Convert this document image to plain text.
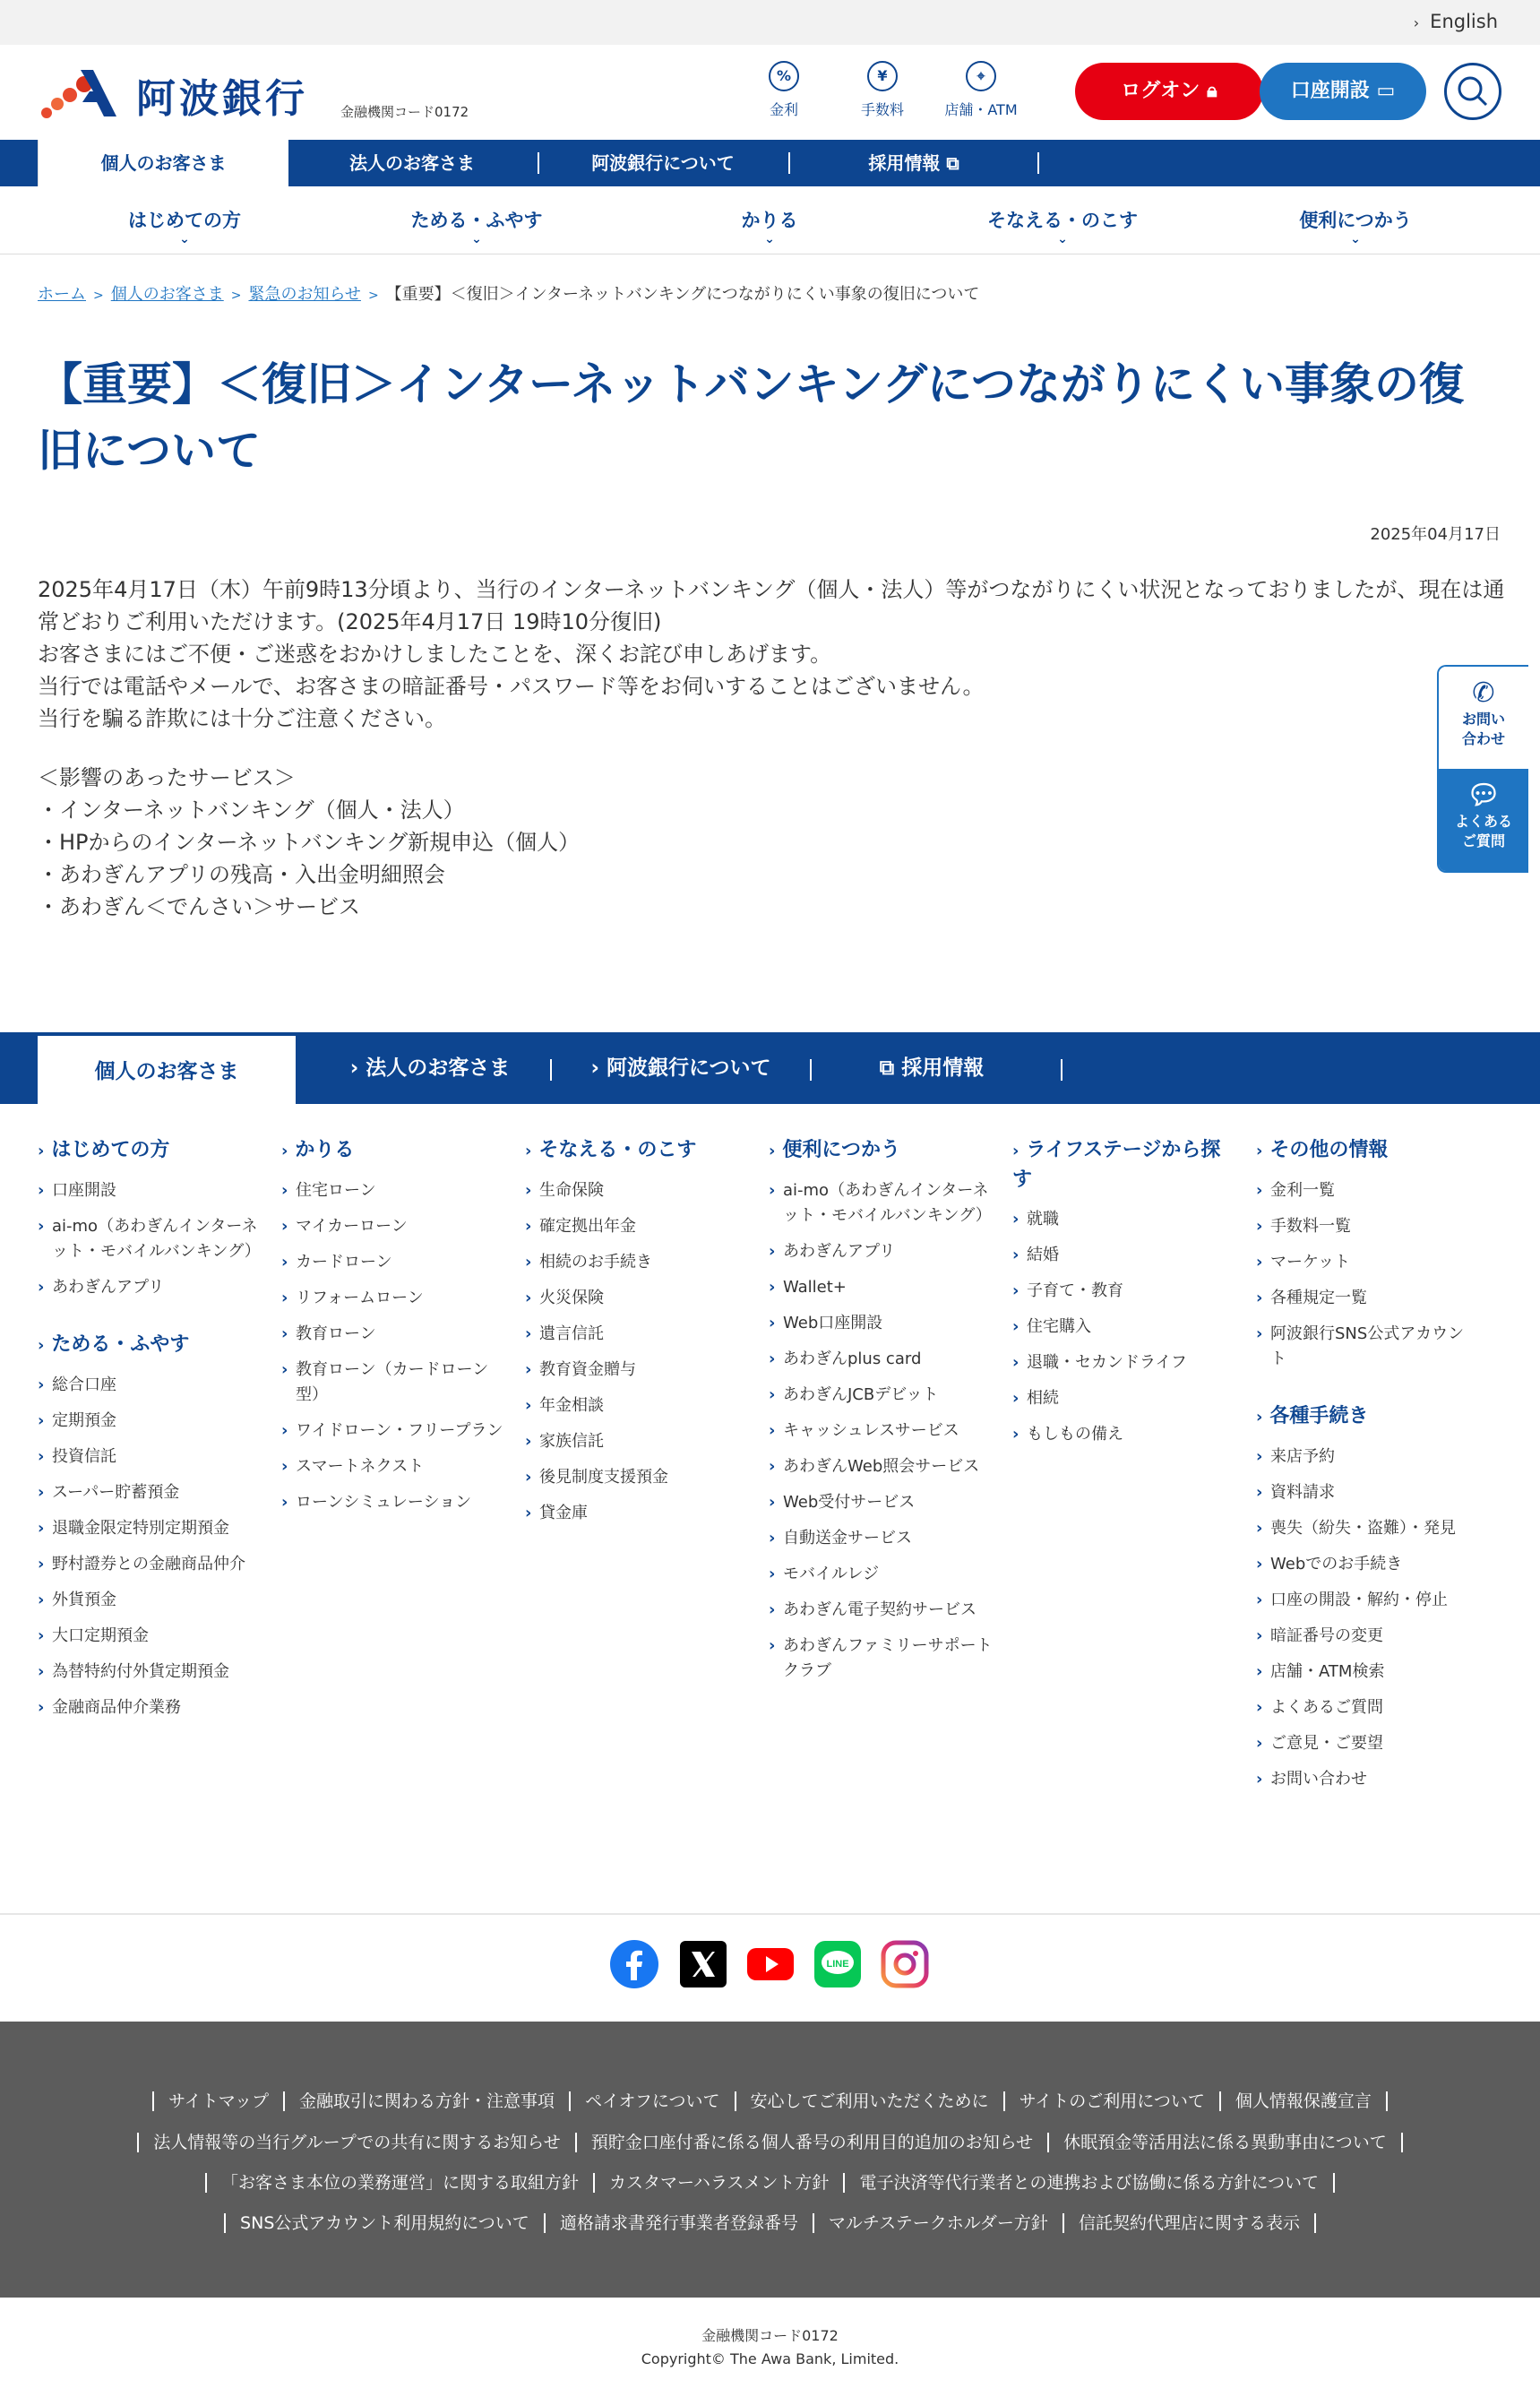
› English
阿波銀行 金融機関コード0172
%
金利
¥
手数料
⌖
店舗・ATM
ログオン 🔒︎	口座開設 ▭
個人のお客さま	法人のお客さま	阿波銀行について	採用情報 ⧉
はじめての方
⌄
ためる・ふやす
⌄
かりる
⌄
そなえる・のこす
⌄
便利につかう
⌄
ホーム > 個人のお客さま > 緊急のお知らせ > 【重要】＜復旧＞インターネットバンキングにつながりにくい事象の復旧について
【重要】＜復旧＞インターネットバンキングにつながりにくい事象の復旧について
2025年04月17日

2025年4月17日（木）午前9時13分頃より、当行のインターネットバンキング（個人・法人）等がつながりにくい状況となっておりましたが、現在は通常どおりご利用いただけます。(2025年4月17日 19時10分復旧)

お客さまにはご不便・ご迷惑をおかけしましたことを、深くお詫び申しあげます。

当行では電話やメールで、お客さまの暗証番号・パスワード等をお伺いすることはございません。

当行を騙る詐欺には十分ご注意ください。

＜影響のあったサービス＞

・インターネットバンキング（個人・法人）

・HPからのインターネットバンキング新規申込（個人）

・あわぎんアプリの残高・入出金明細照会

・あわぎん＜でんさい＞サービス

✆
お問い
合わせ
💬︎
よくある
ご質問
個人のお客さま	› 法人のお客さま	› 阿波銀行について	⧉ 採用情報
› はじめての方
› 口座開設
› ai-mo（あわぎんインターネット・モバイルバンキング）
› あわぎんアプリ
› ためる・ふやす
› 総合口座
› 定期預金
› 投資信託
› スーパー貯蓄預金
› 退職金限定特別定期預金
› 野村證券との金融商品仲介
› 外貨預金
› 大口定期預金
› 為替特約付外貨定期預金
› 金融商品仲介業務
› かりる
› 住宅ローン
› マイカーローン
› カードローン
› リフォームローン
› 教育ローン
› 教育ローン（カードローン型）
› ワイドローン・フリープラン
› スマートネクスト
› ローンシミュレーション
› そなえる・のこす
› 生命保険
› 確定拠出年金
› 相続のお手続き
› 火災保険
› 遺言信託
› 教育資金贈与
› 年金相談
› 家族信託
› 後見制度支援預金
› 貸金庫
› 便利につかう
› ai-mo（あわぎんインターネット・モバイルバンキング）
› あわぎんアプリ
› Wallet+
› Web口座開設
› あわぎんplus card
› あわぎんJCBデビット
› キャッシュレスサービス
› あわぎんWeb照会サービス
› Web受付サービス
› 自動送金サービス
› モバイルレジ
› あわぎん電子契約サービス
› あわぎんファミリーサポートクラブ
› ライフステージから探す
› 就職
› 結婚
› 子育て・教育
› 住宅購入
› 退職・セカンドライフ
› 相続
› もしもの備え
› その他の情報
› 金利一覧
› 手数料一覧
› マーケット
› 各種規定一覧
› 阿波銀行SNS公式アカウント
› 各種手続き
› 来店予約
› 資料請求
› 喪失（紛失・盗難）・発見
› Webでのお手続き
› 口座の開設・解約・停止
› 暗証番号の変更
› 店舗・ATM検索
› よくあるご質問
› ご意見・ご要望
› お問い合わせ
LINE
サイトマップ 金融取引に関わる方針・注意事項 ペイオフについて 安心してご利用いただくために サイトのご利用について 個人情報保護宣言
法人情報等の当行グループでの共有に関するお知らせ 預貯金口座付番に係る個人番号の利用目的追加のお知らせ 休眠預金等活用法に係る異動事由について
「お客さま本位の業務運営」に関する取組方針 カスタマーハラスメント方針 電子決済等代行業者との連携および協働に係る方針について
SNS公式アカウント利用規約について 適格請求書発行事業者登録番号 マルチステークホルダー方針 信託契約代理店に関する表示
金融機関コード0172
Copyright© The Awa Bank, Limited.
